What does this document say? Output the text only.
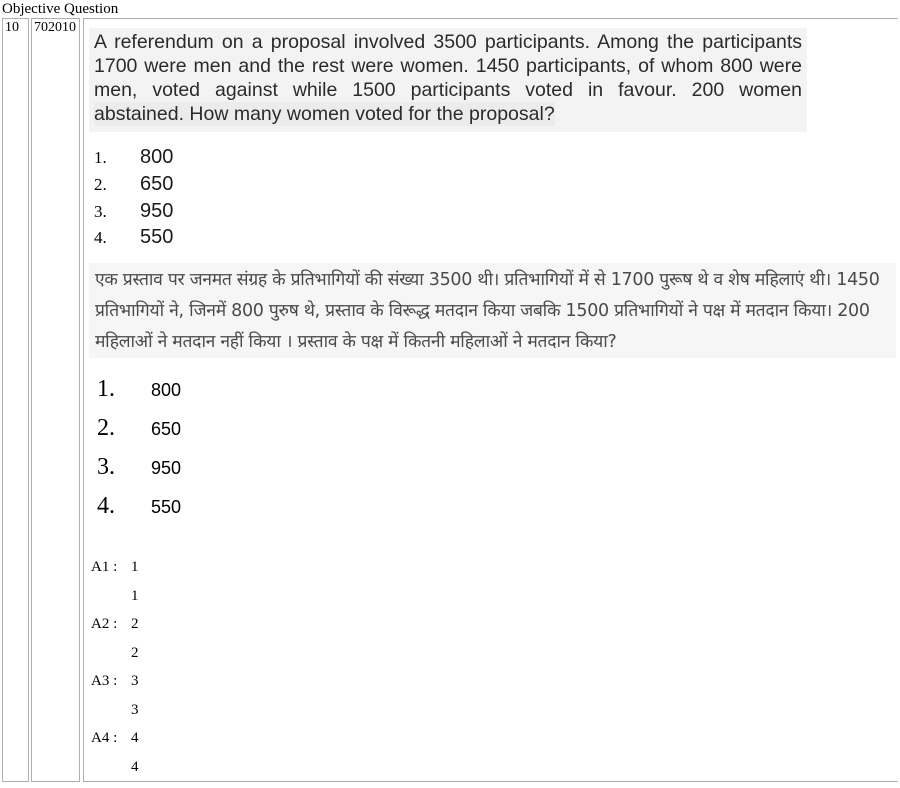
Objective Question
10	702010
A referendum on a proposal involved 3500 participants. Among the participants 1700 were men and the rest were women. 1450 participants, of whom 800 were men, voted against while 1500 participants voted in favour. 200 women abstained. How many women voted for the proposal?
1. 800
2. 650
3. 950
4. 550
एक प्रस्ताव पर जनमत संग्रह के प्रतिभागियों की संख्या 3500 थी। प्रतिभागियों में से 1700 पुरूष थे व शेष महिलाएं थी। 1450 प्रतिभागियों ने, जिनमें 800 पुरुष थे, प्रस्ताव के विरूद्ध मतदान किया जबकि 1500 प्रतिभागियों ने पक्ष में मतदान किया। 200 महिलाओं ने मतदान नहीं किया । प्रस्ताव के पक्ष में कितनी महिलाओं ने मतदान किया?
1. 800
2. 650
3. 950
4. 550
A1 : 1
1
A2 : 2
2
A3 : 3
3
A4 : 4
4
